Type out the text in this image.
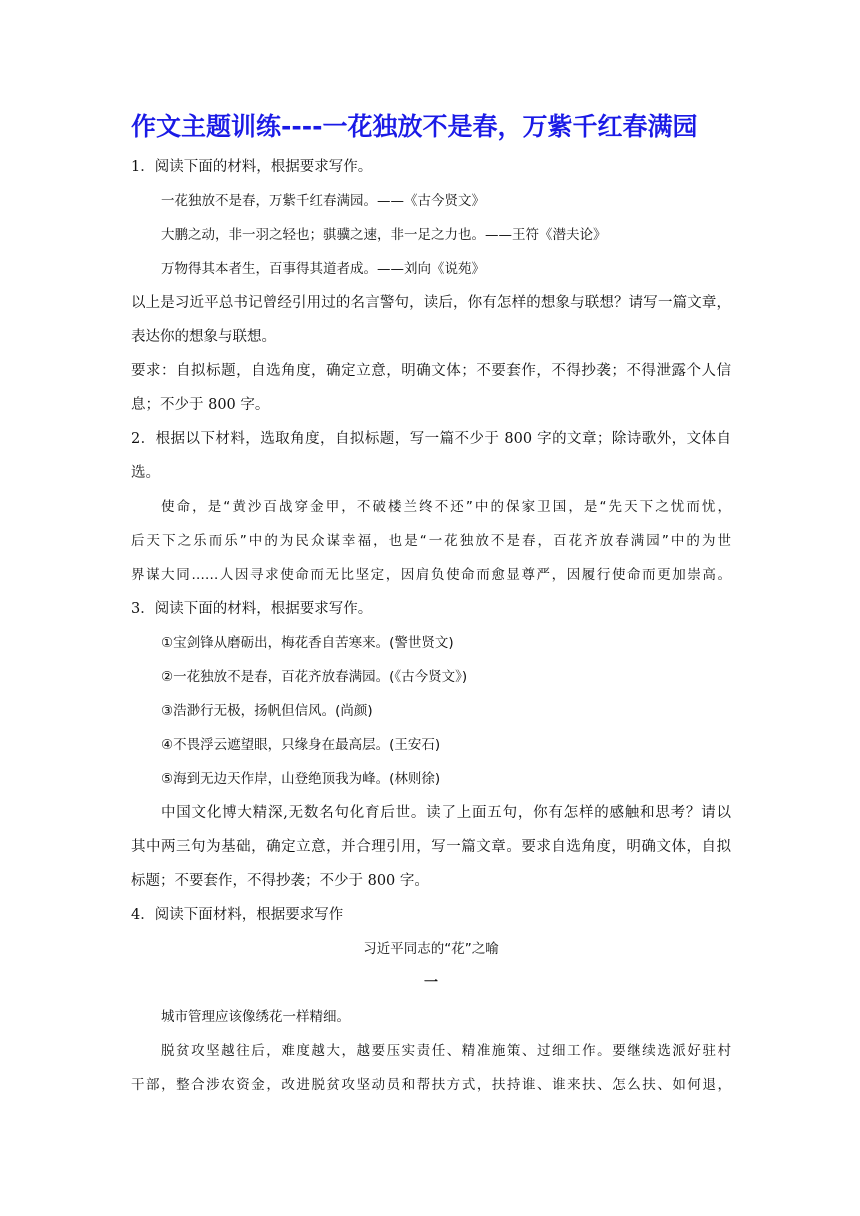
作文主题训练----一花独放不是春，万紫千红春满园
1．阅读下面的材料，根据要求写作。
一花独放不是春，万紫千红春满园。——《古今贤文》
大鹏之动，非一羽之轻也；骐骥之速，非一足之力也。——王符《潜夫论》
万物得其本者生，百事得其道者成。——刘向《说苑》
以上是习近平总书记曾经引用过的名言警句，读后，你有怎样的想象与联想？请写一篇文章，
表达你的想象与联想。
要求：自拟标题，自选角度，确定立意，明确文体；不要套作，不得抄袭；不得泄露个人信
息；不少于 800 字。
2．根据以下材料，选取角度，自拟标题，写一篇不少于 800 字的文章；除诗歌外，文体自
选。
使命，是“黄沙百战穿金甲，不破楼兰终不还”中的保家卫国，是“先天下之忧而忧，
后天下之乐而乐”中的为民众谋幸福，也是“一花独放不是春，百花齐放春满园”中的为世
界谋大同……人因寻求使命而无比坚定，因肩负使命而愈显尊严，因履行使命而更加崇高。
3．阅读下面的材料，根据要求写作。
①宝剑锋从磨砺出，梅花香自苦寒来。(警世贤文)
②一花独放不是春，百花齐放春满园。(《古今贤文》)
③浩渺行无极，扬帆但信风。(尚颜)
④不畏浮云遮望眼，只缘身在最高层。(王安石)
⑤海到无边天作岸，山登绝顶我为峰。(林则徐)
中国文化博大精深,无数名句化育后世。读了上面五句，你有怎样的感触和思考？请以
其中两三句为基础，确定立意，并合理引用，写一篇文章。要求自选角度，明确文体，自拟
标题；不要套作，不得抄袭；不少于 800 字。
4．阅读下面材料，根据要求写作
习近平同志的“花”之喻
一
城市管理应该像绣花一样精细。
脱贫攻坚越往后，难度越大，越要压实责任、精准施策、过细工作。要继续选派好驻村
干部，整合涉农资金，改进脱贫攻坚动员和帮扶方式，扶持谁、谁来扶、怎么扶、如何退，
